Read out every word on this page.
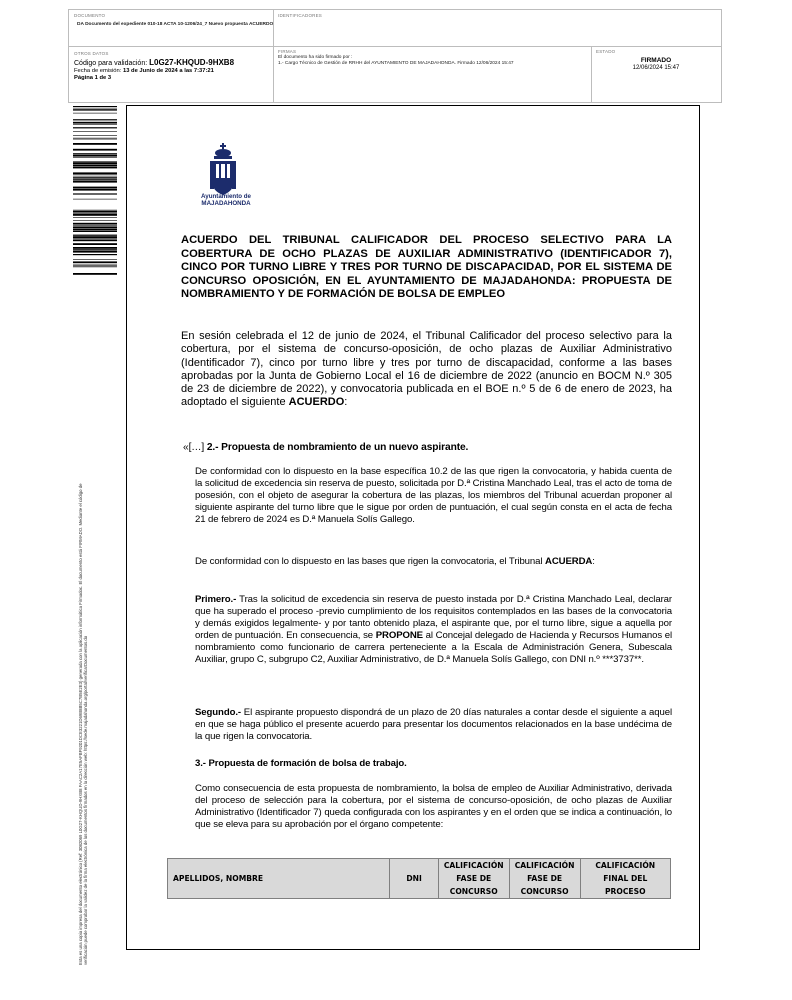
DOCUMENTO
DA Documento del expediente 010-18 ACTA 10-1206/24_7 Nuevo propuesta ACUERDO
IDENTIFICADORES
OTROS DATOS
Código para validación: L0G27-KHQUD-9HXB8
Fecha de emisión: 13 de Junio de 2024 a las 7:37:21
Página 1 de 3
FIRMAS
El documento ha sido firmado por :
1.- Cargo Técnico de Gestión de RRHH del AYUNTAMIENTO DE MAJADAHONDA. Firmado 12/06/2024 15:47
ESTADO
FIRMADO
12/06/2024 15:47
Esta es una copia impresa del documento electrónico (Ref: 3082069 L0G27-KHQUD-9HXB8 FAAC2A17E5AFBF9201DCE3221D69B8B5C7B5E2E3) generada con la aplicación informática Firmadoc. El documento está FIRMADO. Mediante el código de
verificación puede comprobar la validez de la firma electrónica de los documentos firmados en la dirección web: https://sede.majadahonda.org/portal/verificarDocumentos.do
Ayuntamiento de
MAJADAHONDA
ACUERDO DEL TRIBUNAL CALIFICADOR DEL PROCESO SELECTIVO PARA LA COBERTURA DE OCHO PLAZAS DE AUXILIAR ADMINISTRATIVO (IDENTIFICADOR 7), CINCO POR TURNO LIBRE Y TRES POR TURNO DE DISCAPACIDAD, POR EL SISTEMA DE CONCURSO OPOSICIÓN, EN EL AYUNTAMIENTO DE MAJADAHONDA: PROPUESTA DE NOMBRAMIENTO Y DE FORMACIÓN DE BOLSA DE EMPLEO
En sesión celebrada el 12 de junio de 2024, el Tribunal Calificador del proceso selectivo para la cobertura, por el sistema de concurso-oposición, de ocho plazas de Auxiliar Administrativo (Identificador 7), cinco por turno libre y tres por turno de discapacidad, conforme a las bases aprobadas por la Junta de Gobierno Local el 16 de diciembre de 2022 (anuncio en BOCM N.º 305 de 23 de diciembre de 2022), y convocatoria publicada en el BOE n.º 5 de 6 de enero de 2023, ha adoptado el siguiente ACUERDO:
«[…] 2.- Propuesta de nombramiento de un nuevo aspirante.
De conformidad con lo dispuesto en la base específica 10.2 de las que rigen la convocatoria, y habida cuenta de la solicitud de excedencia sin reserva de puesto, solicitada por D.ª Cristina Manchado Leal, tras el acto de toma de posesión, con el objeto de asegurar la cobertura de las plazas, los miembros del Tribunal acuerdan proponer al siguiente aspirante del turno libre que le sigue por orden de puntuación, el cual según consta en el acta de fecha 21 de febrero de 2024 es D.ª Manuela Solís Gallego.
De conformidad con lo dispuesto en las bases que rigen la convocatoria, el Tribunal ACUERDA:
Primero.- Tras la solicitud de excedencia sin reserva de puesto instada por D.ª Cristina Manchado Leal, declarar que ha superado el proceso -previo cumplimiento de los requisitos contemplados en las bases de la convocatoria y demás exigidos legalmente- y por tanto obtenido plaza, el aspirante que, por el turno libre, sigue a aquella por orden de puntuación. En consecuencia, se PROPONE al Concejal delegado de Hacienda y Recursos Humanos el nombramiento como funcionario de carrera perteneciente a la Escala de Administración Genera, Subescala Auxiliar, grupo C, subgrupo C2, Auxiliar Administrativo, de D.ª Manuela Solís Gallego, con DNI n.º ***3737**.
Segundo.- El aspirante propuesto dispondrá de un plazo de 20 días naturales a contar desde el siguiente a aquel en que se haga público el presente acuerdo para presentar los documentos relacionados en la base undécima de la que rigen la convocatoria.
3.- Propuesta de formación de bolsa de trabajo.
Como consecuencia de esta propuesta de nombramiento, la bolsa de empleo de Auxiliar Administrativo, derivada del proceso de selección para la cobertura, por el sistema de concurso-oposición, de ocho plazas de Auxiliar Administrativo (Identificador 7) queda configurada con los aspirantes y en el orden que se indica a continuación, lo que se eleva para su aprobación por el órgano competente:
APELLIDOS, NOMBRE	DNI	CALIFICACIÓN
FASE DE
CONCURSO	CALIFICACIÓN
FASE DE
CONCURSO	CALIFICACIÓN
FINAL DEL
PROCESO
